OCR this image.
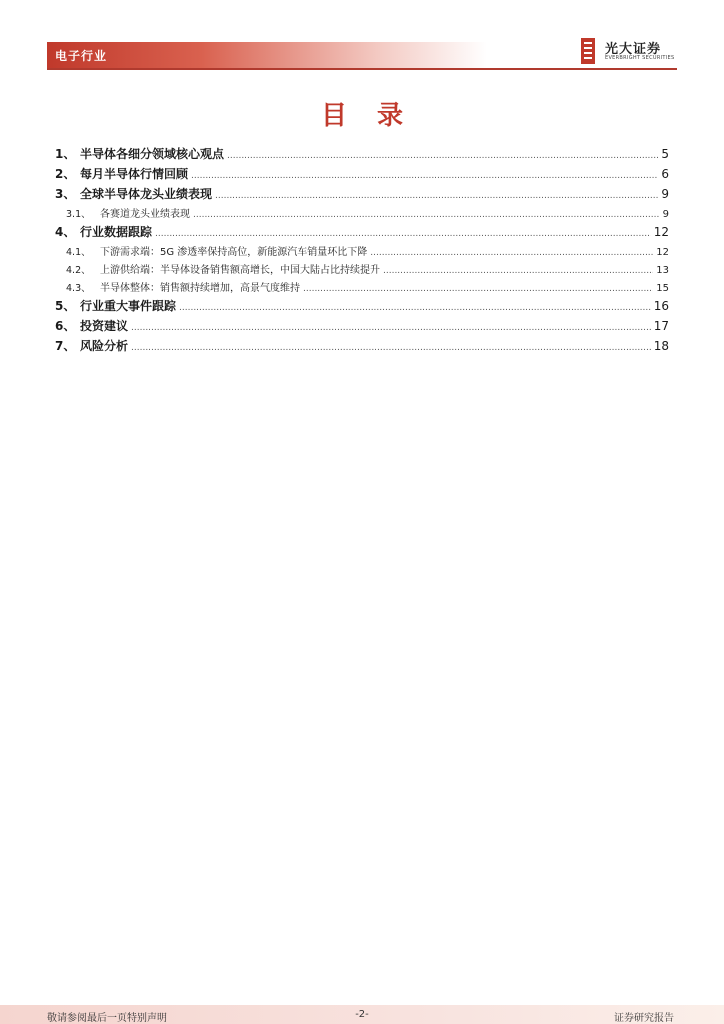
电子行业	光大证券
EVERBRIGHT SECURITIES
目录
1、 半导体各细分领域核心观点 .....	5
2、 每月半导体行情回顾 .....	6
3、 全球半导体龙头业绩表现 .....	9
3.1、 各赛道龙头业绩表现 .....	9
4、 行业数据跟踪 .....	12
4.1、 下游需求端：5G 渗透率保持高位，新能源汽车销量环比下降 .....	12
4.2、 上游供给端：半导体设备销售额高增长，中国大陆占比持续提升 .....	13
4.3、 半导体整体：销售额持续增加，高景气度维持 .....	15
5、 行业重大事件跟踪 .....	16
6、 投资建议 .....	17
7、 风险分析 .....	18
敬请参阅最后一页特别声明	-2-	证券研究报告
